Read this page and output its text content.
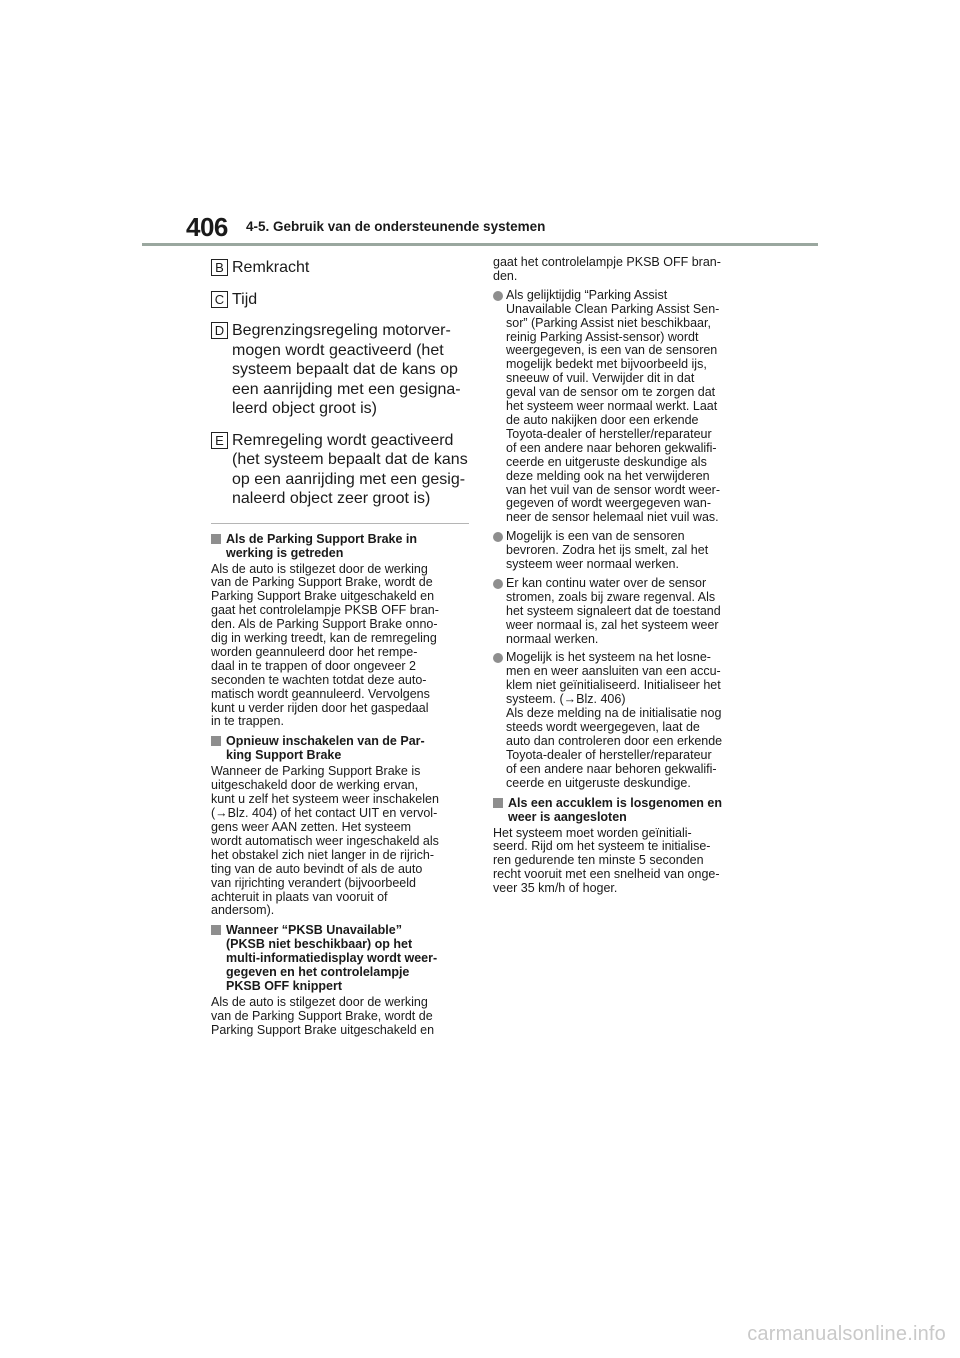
406 4-5. Gebruik van de ondersteunende systemen
B Remkracht
C Tijd
D Begrenzingsregeling motorver-
mogen wordt geactiveerd (het
systeem bepaalt dat de kans op
een aanrijding met een gesigna-
leerd object groot is)
E Remregeling wordt geactiveerd
(het systeem bepaalt dat de kans
op een aanrijding met een gesig-
naleerd object zeer groot is)
Als de Parking Support Brake in
werking is getreden
Als de auto is stilgezet door de werking
van de Parking Support Brake, wordt de
Parking Support Brake uitgeschakeld en
gaat het controlelampje PKSB OFF bran-
den. Als de Parking Support Brake onno-
dig in werking treedt, kan de remregeling
worden geannuleerd door het rempe-
daal in te trappen of door ongeveer 2
seconden te wachten totdat deze auto-
matisch wordt geannuleerd. Vervolgens
kunt u verder rijden door het gaspedaal
in te trappen.
Opnieuw inschakelen van de Par-
king Support Brake
Wanneer de Parking Support Brake is
uitgeschakeld door de werking ervan,
kunt u zelf het systeem weer inschakelen
(→Blz. 404) of het contact UIT en vervol-
gens weer AAN zetten. Het systeem
wordt automatisch weer ingeschakeld als
het obstakel zich niet langer in de rijrich-
ting van de auto bevindt of als de auto
van rijrichting verandert (bijvoorbeeld
achteruit in plaats van vooruit of
andersom).
Wanneer “PKSB Unavailable”
(PKSB niet beschikbaar) op het
multi-informatiedisplay wordt weer-
gegeven en het controlelampje
PKSB OFF knippert
Als de auto is stilgezet door de werking
van de Parking Support Brake, wordt de
Parking Support Brake uitgeschakeld en
gaat het controlelampje PKSB OFF bran-
den.
Als gelijktijdig “Parking Assist
Unavailable Clean Parking Assist Sen-
sor” (Parking Assist niet beschikbaar,
reinig Parking Assist-sensor) wordt
weergegeven, is een van de sensoren
mogelijk bedekt met bijvoorbeeld ijs,
sneeuw of vuil. Verwijder dit in dat
geval van de sensor om te zorgen dat
het systeem weer normaal werkt. Laat
de auto nakijken door een erkende
Toyota-dealer of hersteller/reparateur
of een andere naar behoren gekwalifi-
ceerde en uitgeruste deskundige als
deze melding ook na het verwijderen
van het vuil van de sensor wordt weer-
gegeven of wordt weergegeven wan-
neer de sensor helemaal niet vuil was.
Mogelijk is een van de sensoren
bevroren. Zodra het ijs smelt, zal het
systeem weer normaal werken.
Er kan continu water over de sensor
stromen, zoals bij zware regenval. Als
het systeem signaleert dat de toestand
weer normaal is, zal het systeem weer
normaal werken.
Mogelijk is het systeem na het losne-
men en weer aansluiten van een accu-
klem niet geïnitialiseerd. Initialiseer het
systeem. (→Blz. 406)
Als deze melding na de initialisatie nog
steeds wordt weergegeven, laat de
auto dan controleren door een erkende
Toyota-dealer of hersteller/reparateur
of een andere naar behoren gekwalifi-
ceerde en uitgeruste deskundige.
Als een accuklem is losgenomen en
weer is aangesloten
Het systeem moet worden geïnitiali-
seerd. Rijd om het systeem te initialise-
ren gedurende ten minste 5 seconden
recht vooruit met een snelheid van onge-
veer 35 km/h of hoger.
carmanualsonline.info
